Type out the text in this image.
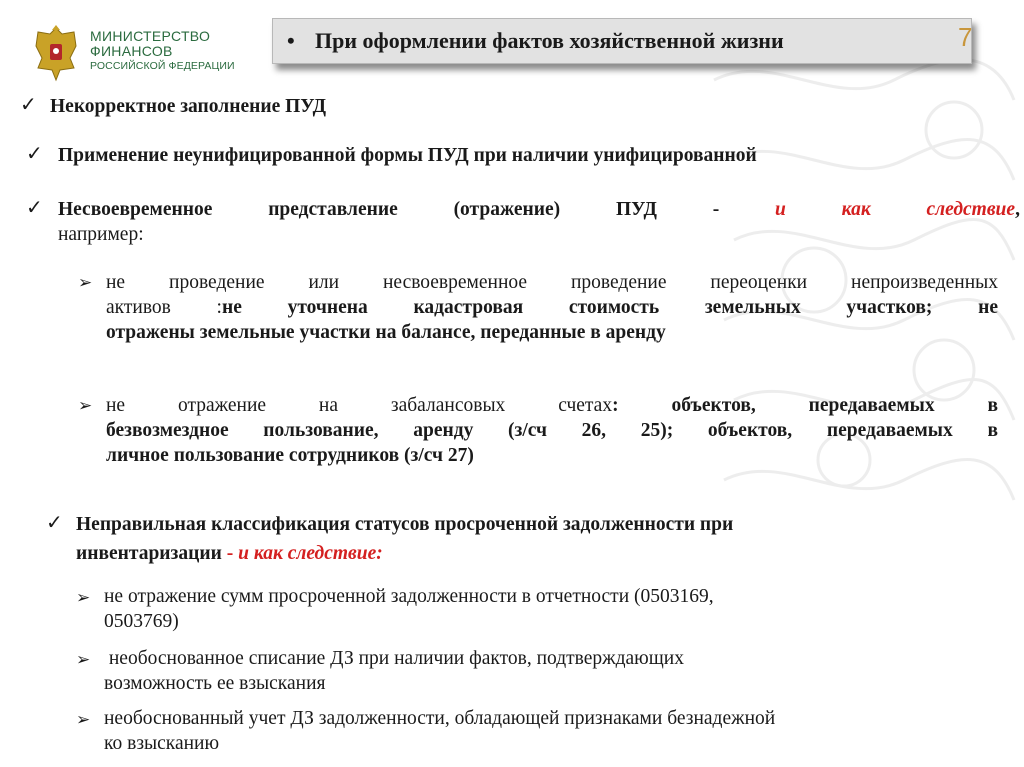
МИНИСТЕРСТВО
ФИНАНСОВ
РОССИЙСКОЙ ФЕДЕРАЦИИ
• При оформлении фактов хозяйственной жизни	7
✓ Некорректное заполнение ПУД
✓ Применение неунифицированной формы ПУД при наличии унифицированной
✓ Несвоевременное	представление	(отражение)	ПУД	-	и	как	следствие,
например:
➢ не проведение или несвоевременное проведение переоценки непроизведенных
активов :не уточнена кадастровая стоимость земельных участков; не
отражены земельные участки на балансе, переданные в аренду
➢ не отражение на забалансовых счетах: объектов, передаваемых в
безвозмездное пользование, аренду (з/сч 26, 25); объектов, передаваемых в
личное пользование сотрудников (з/сч 27)
✓ Неправильная классификация статусов просроченной задолженности при
инвентаризации - и как следствие:
➢ не отражение сумм просроченной задолженности в отчетности (0503169,
0503769)
➢ необоснованное списание ДЗ при наличии фактов, подтверждающих
возможность ее взыскания
➢ необоснованный учет ДЗ задолженности, обладающей признаками безнадежной
ко взысканию
